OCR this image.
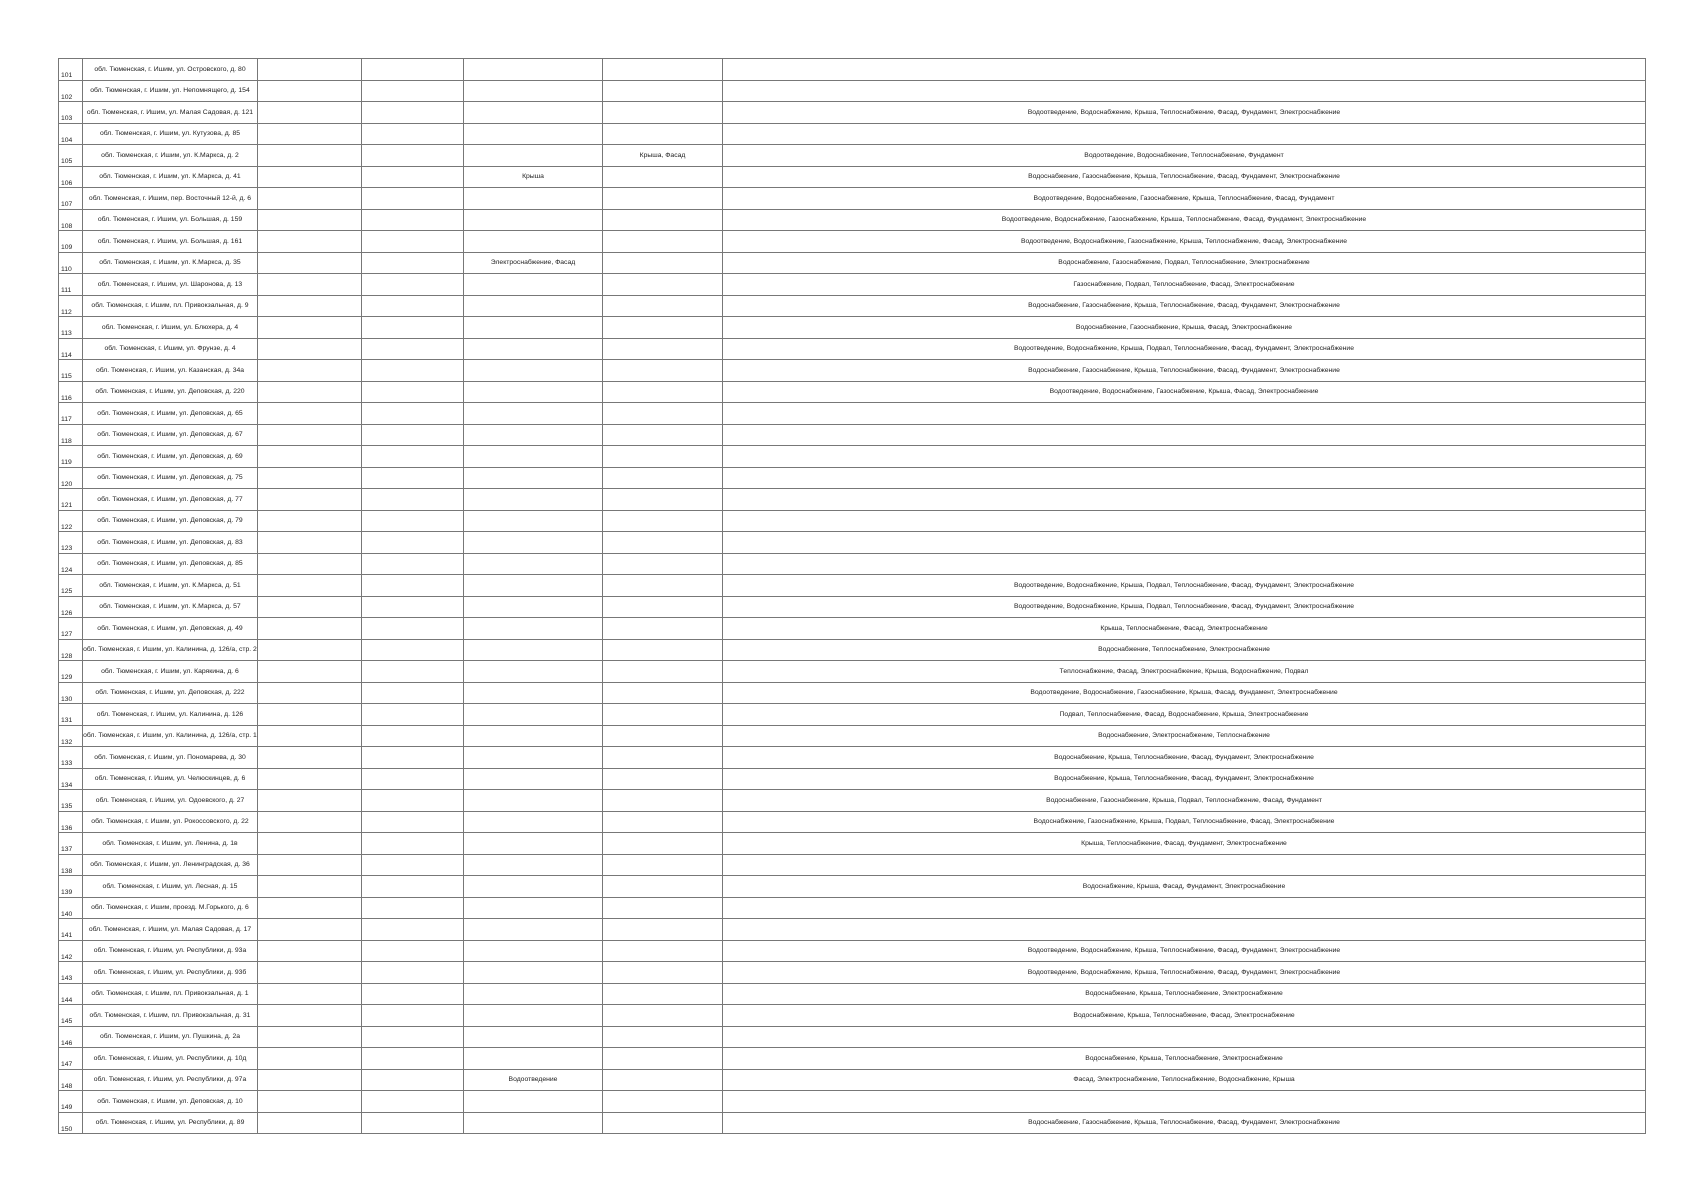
101	обл. Тюменская, г. Ишим, ул. Островского, д. 80					
102	обл. Тюменская, г. Ишим, ул. Непомнящего, д. 154					
103	обл. Тюменская, г. Ишим, ул. Малая Садовая, д. 121					Водоотведение, Водоснабжение, Крыша, Теплоснабжение, Фасад, Фундамент, Электроснабжение
104	обл. Тюменская, г. Ишим, ул. Кутузова, д. 85					
105	обл. Тюменская, г. Ишим, ул. К.Маркса, д. 2				Крыша, Фасад	Водоотведение, Водоснабжение, Теплоснабжение, Фундамент
106	обл. Тюменская, г. Ишим, ул. К.Маркса, д. 41			Крыша		Водоснабжение, Газоснабжение, Крыша, Теплоснабжение, Фасад, Фундамент, Электроснабжение
107	обл. Тюменская, г. Ишим, пер. Восточный 12-й, д. 6					Водоотведение, Водоснабжение, Газоснабжение, Крыша, Теплоснабжение, Фасад, Фундамент
108	обл. Тюменская, г. Ишим, ул. Большая, д. 159					Водоотведение, Водоснабжение, Газоснабжение, Крыша, Теплоснабжение, Фасад, Фундамент, Электроснабжение
109	обл. Тюменская, г. Ишим, ул. Большая, д. 161					Водоотведение, Водоснабжение, Газоснабжение, Крыша, Теплоснабжение, Фасад, Электроснабжение
110	обл. Тюменская, г. Ишим, ул. К.Маркса, д. 35			Электроснабжение, Фасад		Водоснабжение, Газоснабжение, Подвал, Теплоснабжение, Электроснабжение
111	обл. Тюменская, г. Ишим, ул. Шаронова, д. 13					Газоснабжение, Подвал, Теплоснабжение, Фасад, Электроснабжение
112	обл. Тюменская, г. Ишим, пл. Привокзальная, д. 9					Водоснабжение, Газоснабжение, Крыша, Теплоснабжение, Фасад, Фундамент, Электроснабжение
113	обл. Тюменская, г. Ишим, ул. Блюхера, д. 4					Водоснабжение, Газоснабжение, Крыша, Фасад, Электроснабжение
114	обл. Тюменская, г. Ишим, ул. Фрунзе, д. 4					Водоотведение, Водоснабжение, Крыша, Подвал, Теплоснабжение, Фасад, Фундамент, Электроснабжение
115	обл. Тюменская, г. Ишим, ул. Казанская, д. 34а					Водоснабжение, Газоснабжение, Крыша, Теплоснабжение, Фасад, Фундамент, Электроснабжение
116	обл. Тюменская, г. Ишим, ул. Деповская, д. 220					Водоотведение, Водоснабжение, Газоснабжение, Крыша, Фасад, Электроснабжение
117	обл. Тюменская, г. Ишим, ул. Деповская, д. 65					
118	обл. Тюменская, г. Ишим, ул. Деповская, д. 67					
119	обл. Тюменская, г. Ишим, ул. Деповская, д. 69					
120	обл. Тюменская, г. Ишим, ул. Деповская, д. 75					
121	обл. Тюменская, г. Ишим, ул. Деповская, д. 77					
122	обл. Тюменская, г. Ишим, ул. Деповская, д. 79					
123	обл. Тюменская, г. Ишим, ул. Деповская, д. 83					
124	обл. Тюменская, г. Ишим, ул. Деповская, д. 85					
125	обл. Тюменская, г. Ишим, ул. К.Маркса, д. 51					Водоотведение, Водоснабжение, Крыша, Подвал, Теплоснабжение, Фасад, Фундамент, Электроснабжение
126	обл. Тюменская, г. Ишим, ул. К.Маркса, д. 57					Водоотведение, Водоснабжение, Крыша, Подвал, Теплоснабжение, Фасад, Фундамент, Электроснабжение
127	обл. Тюменская, г. Ишим, ул. Деповская, д. 49					Крыша, Теплоснабжение, Фасад, Электроснабжение
128	обл. Тюменская, г. Ишим, ул. Калинина, д. 126/а, стр. 2					Водоснабжение, Теплоснабжение, Электроснабжение
129	обл. Тюменская, г. Ишим, ул. Карякина, д. 6					Теплоснабжение, Фасад, Электроснабжение, Крыша, Водоснабжение, Подвал
130	обл. Тюменская, г. Ишим, ул. Деповская, д. 222					Водоотведение, Водоснабжение, Газоснабжение, Крыша, Фасад, Фундамент, Электроснабжение
131	обл. Тюменская, г. Ишим, ул. Калинина, д. 126					Подвал, Теплоснабжение, Фасад, Водоснабжение, Крыша, Электроснабжение
132	обл. Тюменская, г. Ишим, ул. Калинина, д. 126/а, стр. 1					Водоснабжение, Электроснабжение, Теплоснабжение
133	обл. Тюменская, г. Ишим, ул. Пономарева, д. 30					Водоснабжение, Крыша, Теплоснабжение, Фасад, Фундамент, Электроснабжение
134	обл. Тюменская, г. Ишим, ул. Челюскинцев, д. 6					Водоснабжение, Крыша, Теплоснабжение, Фасад, Фундамент, Электроснабжение
135	обл. Тюменская, г. Ишим, ул. Одоевского, д. 27					Водоснабжение, Газоснабжение, Крыша, Подвал, Теплоснабжение, Фасад, Фундамент
136	обл. Тюменская, г. Ишим, ул. Рокоссовского, д. 22					Водоснабжение, Газоснабжение, Крыша, Подвал, Теплоснабжение, Фасад, Электроснабжение
137	обл. Тюменская, г. Ишим, ул. Ленина, д. 1в					Крыша, Теплоснабжение, Фасад, Фундамент, Электроснабжение
138	обл. Тюменская, г. Ишим, ул. Ленинградская, д. 36					
139	обл. Тюменская, г. Ишим, ул. Лесная, д. 15					Водоснабжение, Крыша, Фасад, Фундамент, Электроснабжение
140	обл. Тюменская, г. Ишим, проезд. М.Горького, д. 6					
141	обл. Тюменская, г. Ишим, ул. Малая Садовая, д. 17					
142	обл. Тюменская, г. Ишим, ул. Республики, д. 93а					Водоотведение, Водоснабжение, Крыша, Теплоснабжение, Фасад, Фундамент, Электроснабжение
143	обл. Тюменская, г. Ишим, ул. Республики, д. 93б					Водоотведение, Водоснабжение, Крыша, Теплоснабжение, Фасад, Фундамент, Электроснабжение
144	обл. Тюменская, г. Ишим, пл. Привокзальная, д. 1					Водоснабжение, Крыша, Теплоснабжение, Электроснабжение
145	обл. Тюменская, г. Ишим, пл. Привокзальная, д. 31					Водоснабжение, Крыша, Теплоснабжение, Фасад, Электроснабжение
146	обл. Тюменская, г. Ишим, ул. Пушкина, д. 2а					
147	обл. Тюменская, г. Ишим, ул. Республики, д. 10д					Водоснабжение, Крыша, Теплоснабжение, Электроснабжение
148	обл. Тюменская, г. Ишим, ул. Республики, д. 97а			Водоотведение		Фасад, Электроснабжение, Теплоснабжение, Водоснабжение, Крыша
149	обл. Тюменская, г. Ишим, ул. Деповская, д. 10					
150	обл. Тюменская, г. Ишим, ул. Республики, д. 89					Водоснабжение, Газоснабжение, Крыша, Теплоснабжение, Фасад, Фундамент, Электроснабжение
